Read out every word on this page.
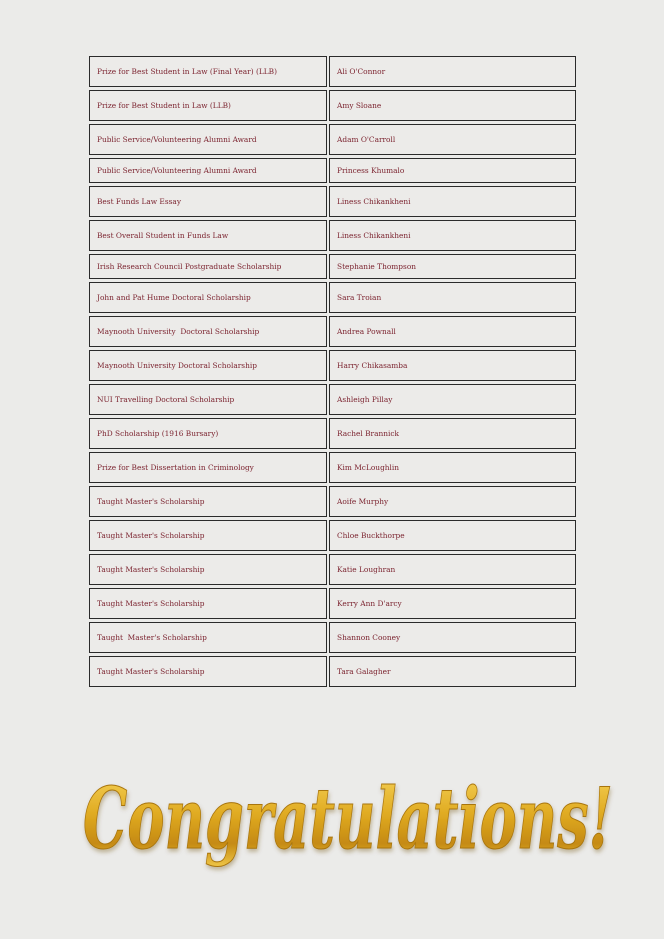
Prize for Best Student in Law (Final Year) (LLB)	Ali O'Connor
Prize for Best Student in Law (LLB)	Amy Sloane
Public Service/Volunteering Alumni Award	Adam O'Carroll
Public Service/Volunteering Alumni Award	Princess Khumalo
Best Funds Law Essay	Liness Chikankheni
Best Overall Student in Funds Law	Liness Chikankheni
Irish Research Council Postgraduate Scholarship	Stephanie Thompson
John and Pat Hume Doctoral Scholarship	Sara Troian
Maynooth University  Doctoral Scholarship	Andrea Pownall
Maynooth University Doctoral Scholarship	Harry Chikasamba
NUI Travelling Doctoral Scholarship	Ashleigh Pillay
PhD Scholarship (1916 Bursary)	Rachel Brannick
Prize for Best Dissertation in Criminology	Kim McLoughlin
Taught Master's Scholarship	Aoife Murphy
Taught Master's Scholarship	Chloe Buckthorpe
Taught Master's Scholarship	Katie Loughran
Taught Master's Scholarship	Kerry Ann D'arcy
Taught  Master's Scholarship	Shannon Cooney
Taught Master's Scholarship	Tara Galagher
Congratulations!
